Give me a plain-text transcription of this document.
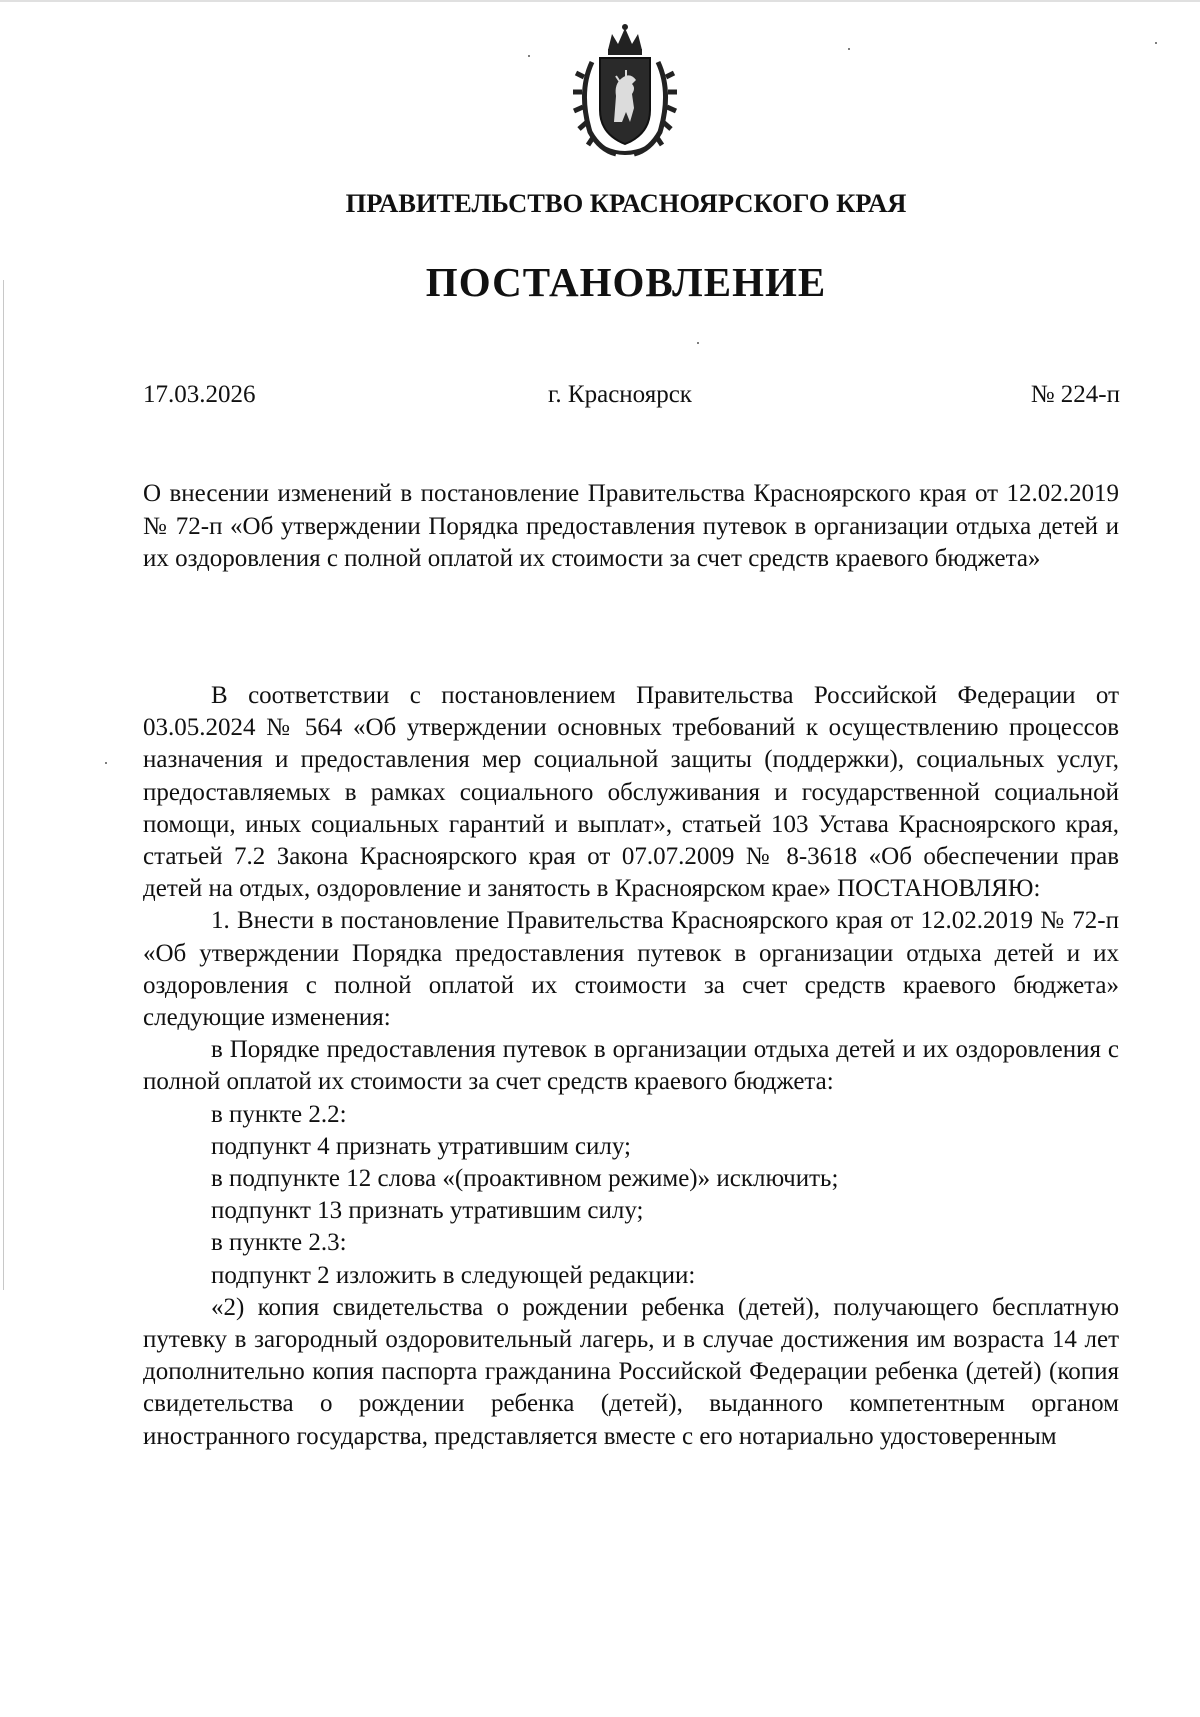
ПРАВИТЕЛЬСТВО КРАСНОЯРСКОГО КРАЯ
ПОСТАНОВЛЕНИЕ
17.03.2026	г. Красноярск	№ 224-п
О внесении изменений в постановление Правительства Красноярского края от 12.02.2019 № 72-п «Об утверждении Порядка предоставления путевок в организации отдыха детей и их оздоровления с полной оплатой их стоимости за счет средств краевого бюджета»

В соответствии с постановлением Правительства Российской Федерации от 03.05.2024 № 564 «Об утверждении основных требований к осуществлению процессов назначения и предоставления мер социальной защиты (поддержки), социальных услуг, предоставляемых в рамках социального обслуживания и государственной социальной помощи, иных социальных гарантий и выплат», статьей 103 Устава Красноярского края, статьей 7.2 Закона Красноярского края от 07.07.2009 № 8-3618 «Об обеспечении прав детей на отдых, оздоровление и занятость в Красноярском крае» ПОСТАНОВЛЯЮ:

1. Внести в постановление Правительства Красноярского края от 12.02.2019 № 72-п «Об утверждении Порядка предоставления путевок в организации отдыха детей и их оздоровления с полной оплатой их стоимости за счет средств краевого бюджета» следующие изменения:

в Порядке предоставления путевок в организации отдыха детей и их оздоровления с полной оплатой их стоимости за счет средств краевого бюджета:

в пункте 2.2:

подпункт 4 признать утратившим силу;

в подпункте 12 слова «(проактивном режиме)» исключить;

подпункт 13 признать утратившим силу;

в пункте 2.3:

подпункт 2 изложить в следующей редакции:

«2) копия свидетельства о рождении ребенка (детей), получающего бесплатную путевку в загородный оздоровительный лагерь, и в случае достижения им возраста 14 лет дополнительно копия паспорта гражданина Российской Федерации ребенка (детей) (копия свидетельства о рождении ребенка (детей), выданного компетентным органом иностранного государства, представляется вместе с его нотариально удостоверенным
